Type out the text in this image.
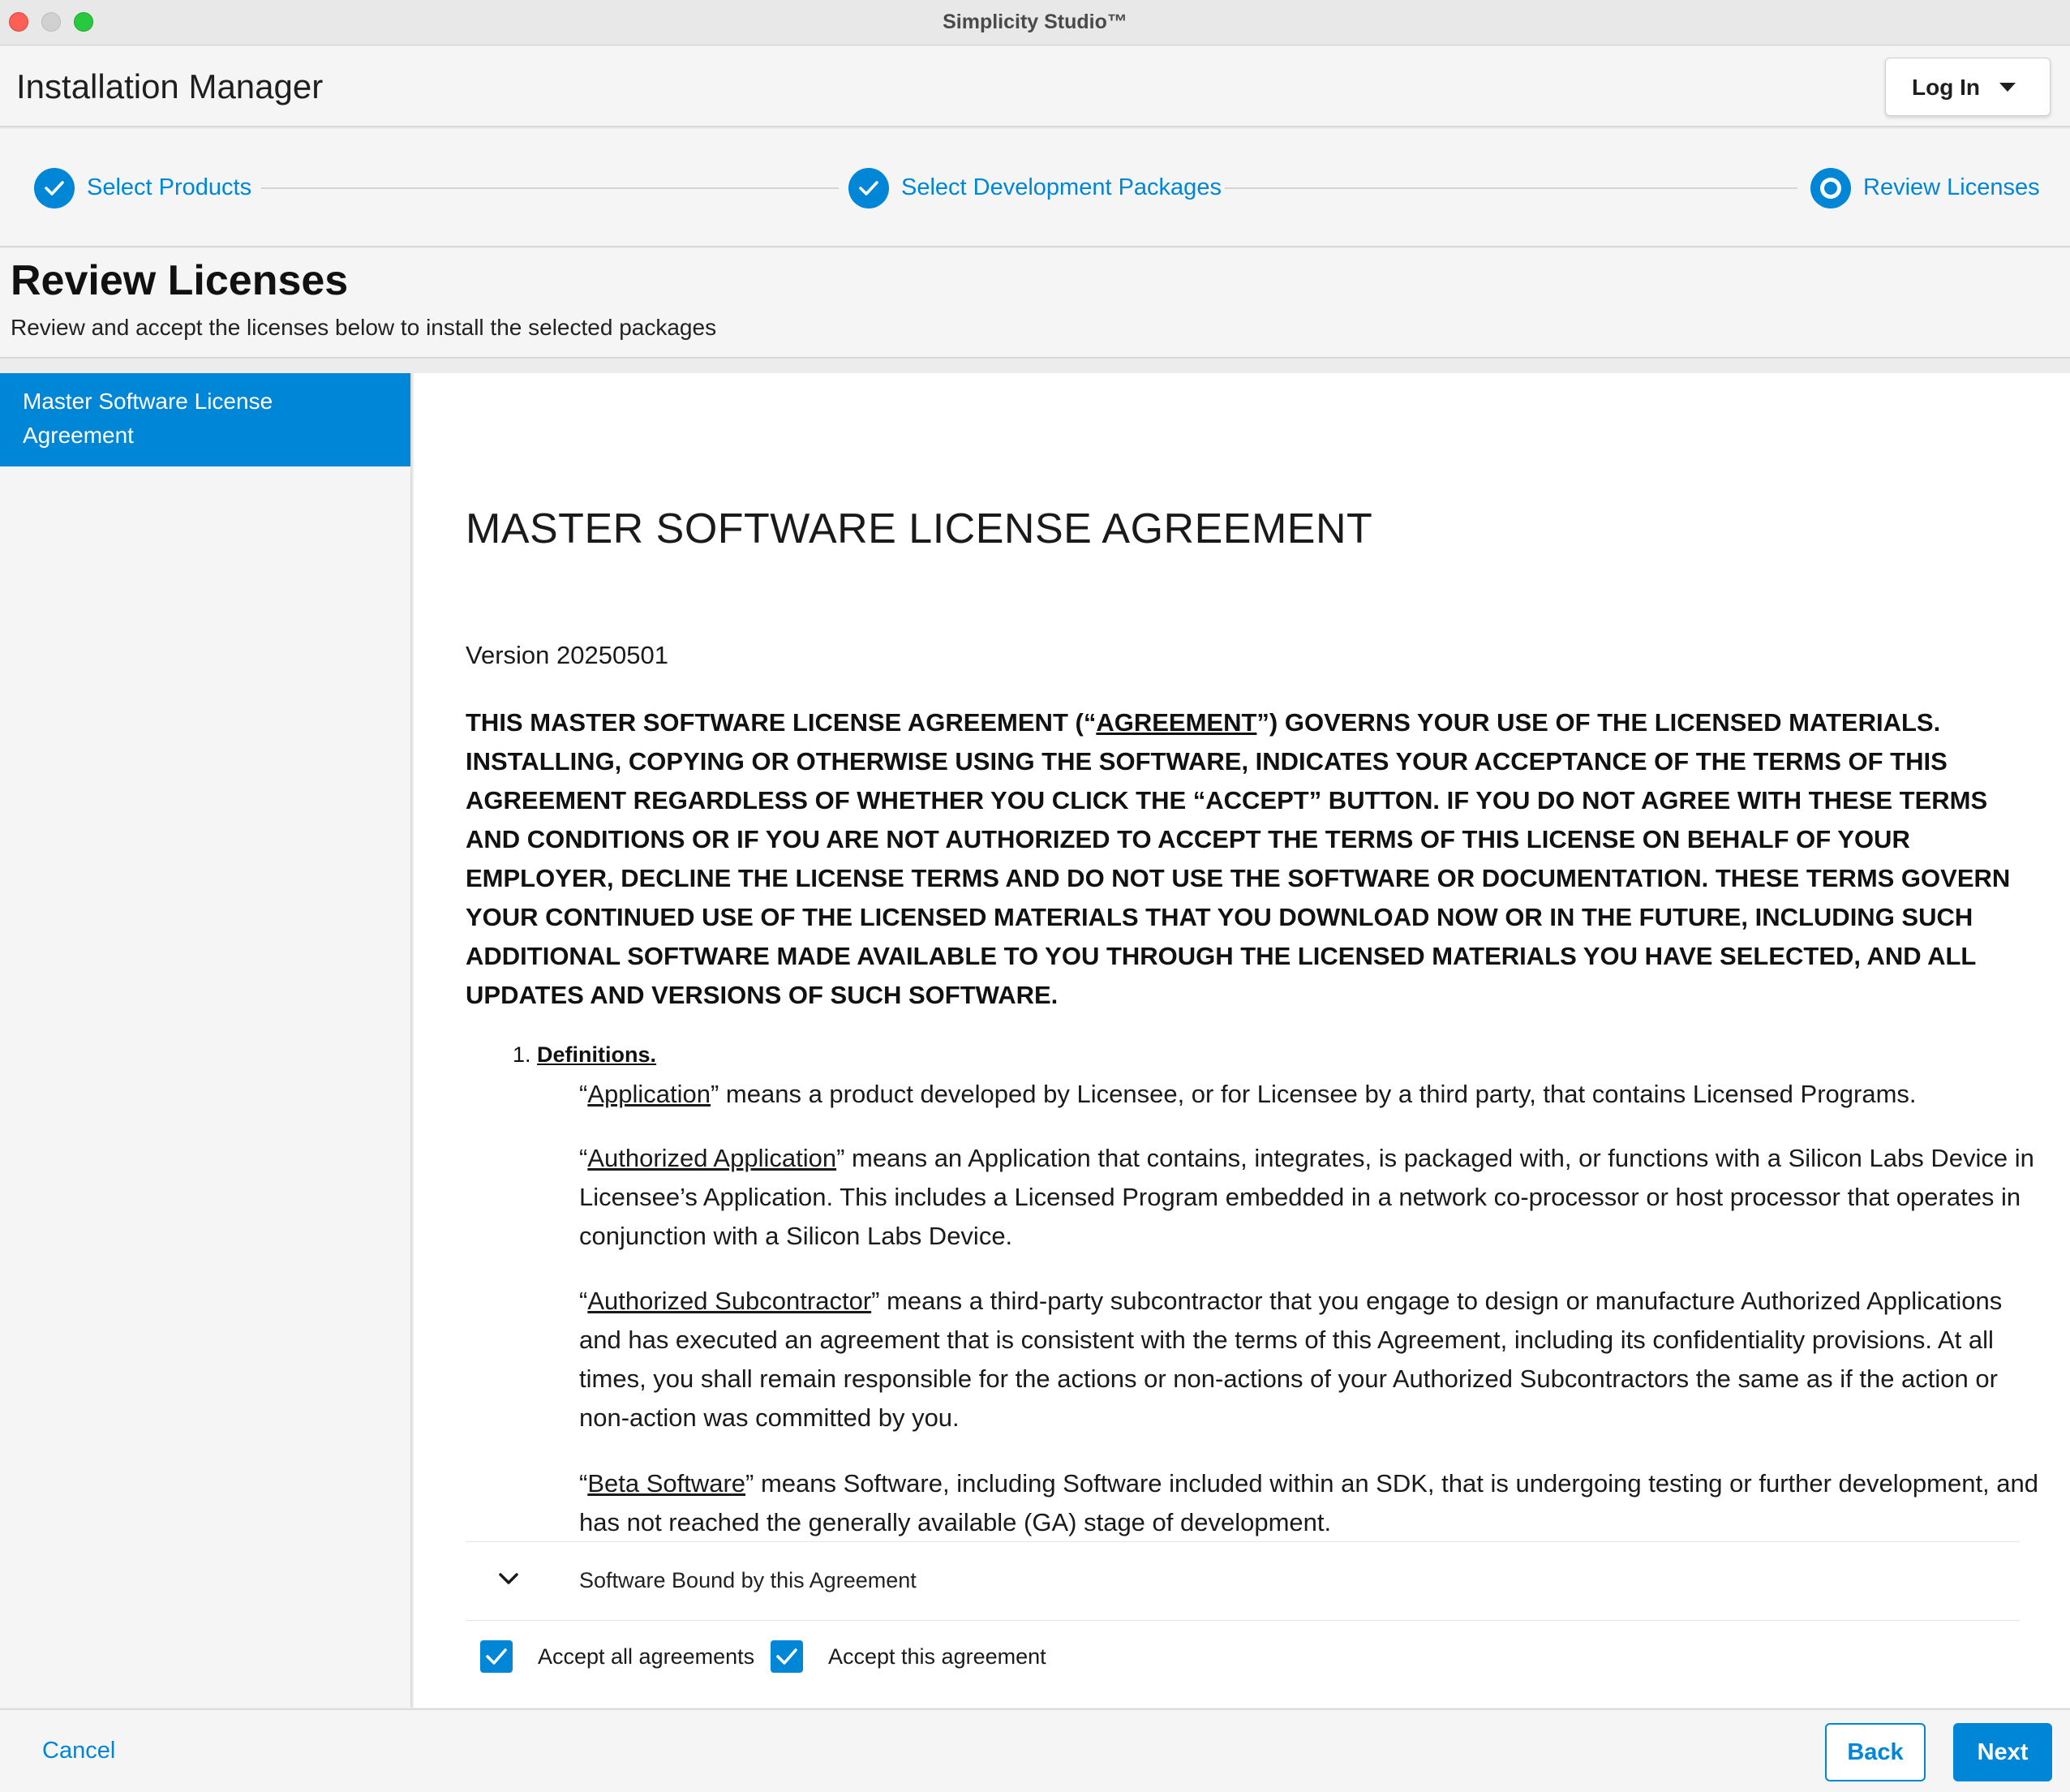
Simplicity Studio™
Installation Manager	Log In
Select Products	Select Development Packages	Review Licenses
Review Licenses
Review and accept the licenses below to install the selected packages
Master Software License Agreement
MASTER SOFTWARE LICENSE AGREEMENT
Version 20250501
THIS MASTER SOFTWARE LICENSE AGREEMENT (“AGREEMENT”) GOVERNS YOUR USE OF THE LICENSED MATERIALS. INSTALLING, COPYING OR OTHERWISE USING THE SOFTWARE, INDICATES YOUR ACCEPTANCE OF THE TERMS OF THIS AGREEMENT REGARDLESS OF WHETHER YOU CLICK THE “ACCEPT” BUTTON. IF YOU DO NOT AGREE WITH THESE TERMS AND CONDITIONS OR IF YOU ARE NOT AUTHORIZED TO ACCEPT THE TERMS OF THIS LICENSE ON BEHALF OF YOUR EMPLOYER, DECLINE THE LICENSE TERMS AND DO NOT USE THE SOFTWARE OR DOCUMENTATION. THESE TERMS GOVERN YOUR CONTINUED USE OF THE LICENSED MATERIALS THAT YOU DOWNLOAD NOW OR IN THE FUTURE, INCLUDING SUCH ADDITIONAL SOFTWARE MADE AVAILABLE TO YOU THROUGH THE LICENSED MATERIALS YOU HAVE SELECTED, AND ALL UPDATES AND VERSIONS OF SUCH SOFTWARE.
1. Definitions.
“Application” means a product developed by Licensee, or for Licensee by a third party, that contains Licensed Programs.
“Authorized Application” means an Application that contains, integrates, is packaged with, or functions with a Silicon Labs Device in Licensee’s Application. This includes a Licensed Program embedded in a network co-processor or host processor that operates in conjunction with a Silicon Labs Device.
“Authorized Subcontractor” means a third-party subcontractor that you engage to design or manufacture Authorized Applications and has executed an agreement that is consistent with the terms of this Agreement, including its confidentiality provisions. At all times, you shall remain responsible for the actions or non-actions of your Authorized Subcontractors the same as if the action or non-action was committed by you.
“Beta Software” means Software, including Software included within an SDK, that is undergoing testing or further development, and has not reached the generally available (GA) stage of development.
Software Bound by this Agreement
Accept all agreements	Accept this agreement
Cancel	Back	Next
